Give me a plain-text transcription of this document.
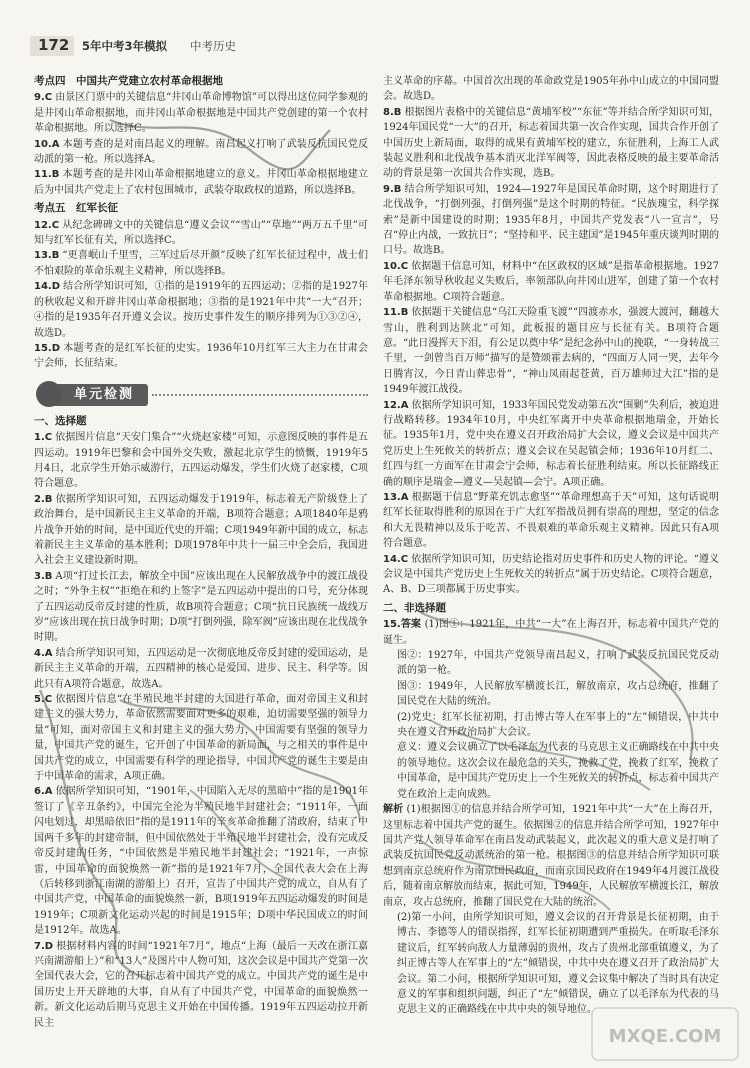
172 5年中考3年模拟 中考历史

考点四　中国共产党建立农村革命根据地

9.C 由景区门票中的关键信息“井冈山革命博物馆”可以得出这位同学参观的是井冈山革命根据地，而井冈山革命根据地是中国共产党创建的第一个农村革命根据地。所以选择C。

10.A 本题考查的是对南昌起义的理解。南昌起义打响了武装反抗国民党反动派的第一枪。所以选择A。

11.B 本题考查的是井冈山革命根据地建立的意义。井冈山革命根据地建立后为中国共产党走上了农村包围城市，武装夺取政权的道路，所以选择B。

考点五　红军长征

12.C 从纪念碑碑文中的关键信息“遵义会议”“雪山”“草地”“两万五千里”可知与红军长征有关，所以选择C。

13.B “更喜岷山千里雪，三军过后尽开颜”反映了红军长征过程中，战士们不怕艰险的革命乐观主义精神，所以选择B。

14.D 结合所学知识可知，①指的是1919年的五四运动；②指的是1927年的秋收起义和开辟井冈山革命根据地；③指的是1921年中共“一大”召开；④指的是1935年召开遵义会议。按历史事件发生的顺序排列为①③②④，故选D。

15.D 本题考查的是红军长征的史实。1936年10月红军三大主力在甘肃会宁会师，长征结束。

单元检测

一、选择题

1.C 依据图片信息“天安门集合”“火烧赵家楼”可知，示意图反映的事件是五四运动。1919年巴黎和会中国外交失败，激起北京学生的愤慨，1919年5月4日，北京学生开始示威游行，五四运动爆发，学生们火烧了赵家楼，C项符合题意。

2.B 依据所学知识可知，五四运动爆发于1919年，标志着无产阶级登上了政治舞台，是中国新民主主义革命的开端，B项符合题意；A项1840年是鸦片战争开始的时间，是中国近代史的开端；C项1949年新中国的成立，标志着新民主主义革命的基本胜利；D项1978年中共十一届三中全会后，我国进入社会主义建设新时期。

3.B A项“打过长江去，解放全中国”应该出现在人民解放战争中的渡江战役之时；“外争主权”“拒绝在和约上签字”是五四运动中提出的口号，充分体现了五四运动反帝反封建的性质，故B项符合题意；C项“抗日民族统一战线万岁”应该出现在抗日战争时期；D项“打倒列强，除军阀”应该出现在北伐战争时期。

4.A 结合所学知识可知，五四运动是一次彻底地反帝反封建的爱国运动，是新民主主义革命的开端，五四精神的核心是爱国、进步、民主、科学等。因此只有A项符合题意，故选A。

5.C 依据图片信息“在半殖民地半封建的大国进行革命，面对帝国主义和封建主义的强大势力，革命依然需要面对更多的艰难，迫切需要坚强的领导力量”可知，面对帝国主义和封建主义的强大势力，中国需要有坚强的领导力量，中国共产党的诞生，它开创了中国革命的新局面，与之相关的事件是中国共产党的成立，中国需要有科学的理论指导，中国共产党的诞生主要是由于中国革命的需求，A项正确。

6.A 依据所学知识可知，“1901年，中国陷入无尽的黑暗中”指的是1901年签订了《辛丑条约》，中国完全沦为半殖民地半封建社会；“1911年，一面闪电划过，却黑暗依旧”指的是1911年的辛亥革命推翻了清政府，结束了中国两千多年的封建帝制，但中国依然处于半殖民地半封建社会，没有完成反帝反封建的任务，“中国依然是半殖民地半封建社会；“1921年，一声惊雷，中国革命的面貌焕然一新”指的是1921年7月，全国代表大会在上海（后转移到浙江南湖的游船上）召开，宣告了中国共产党的成立，自从有了中国共产党，中国革命的面貌焕然一新，B项1919年五四运动爆发的时间是1919年；C项新文化运动兴起的时间是1915年；D项中华民国成立的时间是1912年。故选A。

7.D 根据材料内容的时间“1921年7月”，地点“上海（最后一天改在浙江嘉兴南湖游船上）”和“13人”及图片中人物可知，这次会议是中国共产党第一次全国代表大会，它的召开标志着中国共产党的成立。中国共产党的诞生是中国历史上开天辟地的大事，自从有了中国共产党，中国革命的面貌焕然一新。新文化运动后期马克思主义开始在中国传播。1919年五四运动拉开新民主

主义革命的序幕。中国首次出现的革命政党是1905年孙中山成立的中国同盟会。故选D。

8.B 根据图片表格中的关键信息“黄埔军校”“东征”等并结合所学知识可知，1924年国民党“一大”的召开，标志着国共第一次合作实现，国共合作开创了中国历史上新局面，取得的成果有黄埔军校的建立，东征胜利，上海工人武装起义胜利和北伐战争基本消灭北洋军阀等，因此表格反映的最主要革命活动的背景是第一次国共合作实现，选B。

9.B 结合所学知识可知，1924—1927年是国民革命时期，这个时期进行了北伐战争，“打倒列强，打倒列强”是这个时期的特征。“民族瑰宝，科学探索”是新中国建设的时期；1935年8月，中国共产党发表“八一宣言”，号召“停止内战，一致抗日”；“坚持和平、民主建国”是1945年重庆谈判时期的口号。故选B。

10.C 依据题干信息可知，材料中“在区政权的区域”是指革命根据地。1927年毛泽东领导秋收起义失败后，率领部队向井冈山进军，创建了第一个农村革命根据地。C项符合题意。

11.B 依据题干关键信息“乌江天险重飞渡”“四渡赤水，强渡大渡河，翻越大雪山，胜利到达陕北”可知，此板报的题目应与长征有关。B项符合题意。“此日漫挥天下泪，有公足以奠中华”是纪念孙中山的挽联，“一身转战三千里，一剑曾当百万师”描写的是赞颂霍去病的，“四面万人同一哭，去年今日腾宵汉，今日青山葬忠骨”，“神山凤雨起苍黄，百万雄师过大江”指的是1949年渡江战役。

12.A 依据所学知识可知，1933年国民党发动第五次“围剿”失利后，被迫进行战略转移。1934年10月，中央红军离开中央革命根据地瑞金，开始长征。1935年1月，党中央在遵义召开政治局扩大会议，遵义会议是中国共产党历史上生死攸关的转折点；遵义会议在吴起镇会师；1936年10月红二、红四与红一方面军在甘肃会宁会师，标志着长征胜利结束。所以长征路线正确的顺序是瑞金—遵义—吴起镇—会宁。A项正确。

13.A 根据题干信息“野菜充饥志愈坚”“革命理想高于天”可知，这句话说明红军长征取得胜利的原因在于广大红军指战员拥有崇高的理想，坚定的信念和大无畏精神以及乐于吃苦、不畏艰难的革命乐观主义精神。因此只有A项符合题意。

14.C 依据所学知识可知，历史结论指对历史事件和历史人物的评论。“遵义会议是中国共产党历史上生死攸关的转折点”属于历史结论。C项符合题意，A、B、D三项都属于历史事实。

二、非选择题

15.答案 (1)图①：1921年，中共“一大”在上海召开，标志着中国共产党的诞生。

图②：1927年，中国共产党领导南昌起义，打响了武装反抗国民党反动派的第一枪。

图③：1949年，人民解放军横渡长江，解放南京，攻占总统府，推翻了国民党在大陆的统治。

(2)党史：红军长征初期，打击博古等人在军事上的“左”倾错误，中共中央在遵义召开政治局扩大会议。

意义：遵义会议确立了以毛泽东为代表的马克思主义正确路线在中共中央的领导地位。这次会议在最危急的关头，挽救了党，挽救了红军，挽救了中国革命，是中国共产党历史上一个生死攸关的转折点，标志着中国共产党在政治上走向成熟。

解析 (1)根据图①的信息并结合所学可知，1921年中共“一大”在上海召开，这里标志着中国共产党的诞生。依据图②的信息并结合所学可知，1927年中国共产党人领导革命军在南昌发动武装起义，此次起义的重大意义是打响了武装反抗国民党反动派统治的第一枪。根据图③的信息并结合所学知识可联想到南京总统府作为南京国民政府，而南京国民政府在1949年4月渡江战役后，随着南京解放而结束，据此可知，1949年，人民解放军横渡长江，解放南京，攻占总统府，推翻了国民党在大陆的统治。

(2)第一小问，由所学知识可知，遵义会议的召开背景是长征初期，由于博古、李德等人的错误指挥，红军长征初期遭到严重损失。在听取毛泽东建议后，红军转向敌人力量薄弱的贵州，攻占了贵州北部重镇遵义，为了纠正博古等人在军事上的“左”倾错误，中共中央在遵义召开了政治局扩大会议。第二小问，根据所学知识可知，遵义会议集中解决了当时具有决定意义的军事和组织问题，纠正了“左”倾错误，确立了以毛泽东为代表的马克思主义的正确路线在中共中央的领导地位。

MXQE.COM
